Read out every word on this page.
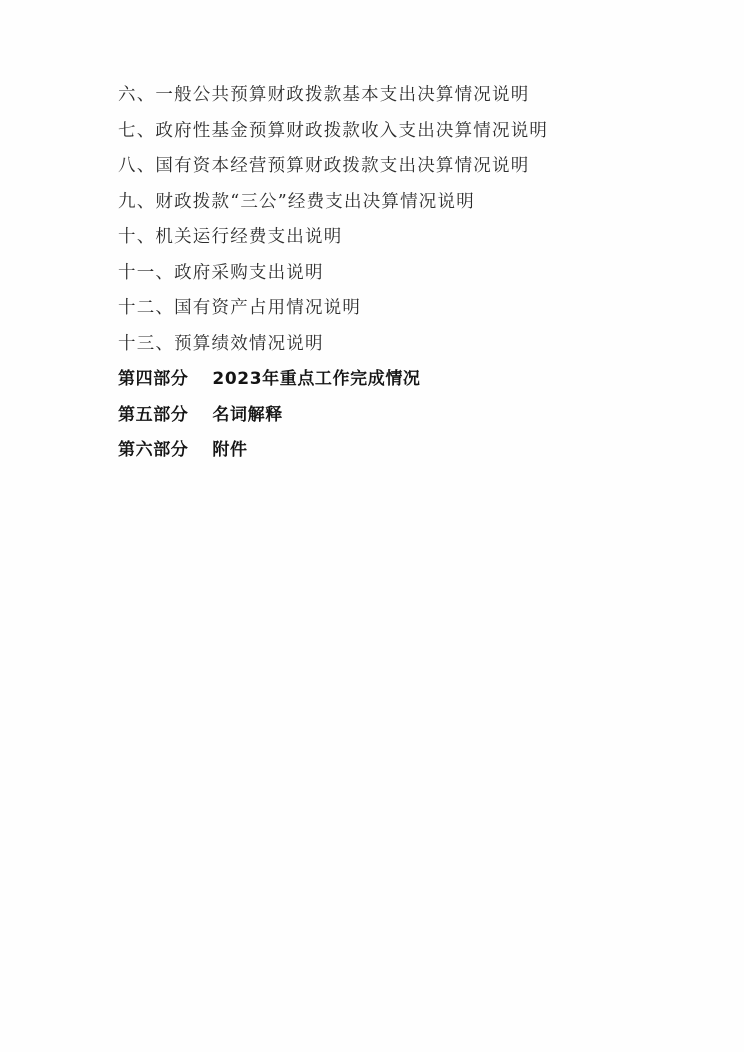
六、一般公共预算财政拨款基本支出决算情况说明
七、政府性基金预算财政拨款收入支出决算情况说明
八、国有资本经营预算财政拨款支出决算情况说明
九、财政拨款“三公”经费支出决算情况说明
十、机关运行经费支出说明
十一、政府采购支出说明
十二、国有资产占用情况说明
十三、预算绩效情况说明
第四部分 2023年重点工作完成情况
第五部分 名词解释
第六部分 附件
